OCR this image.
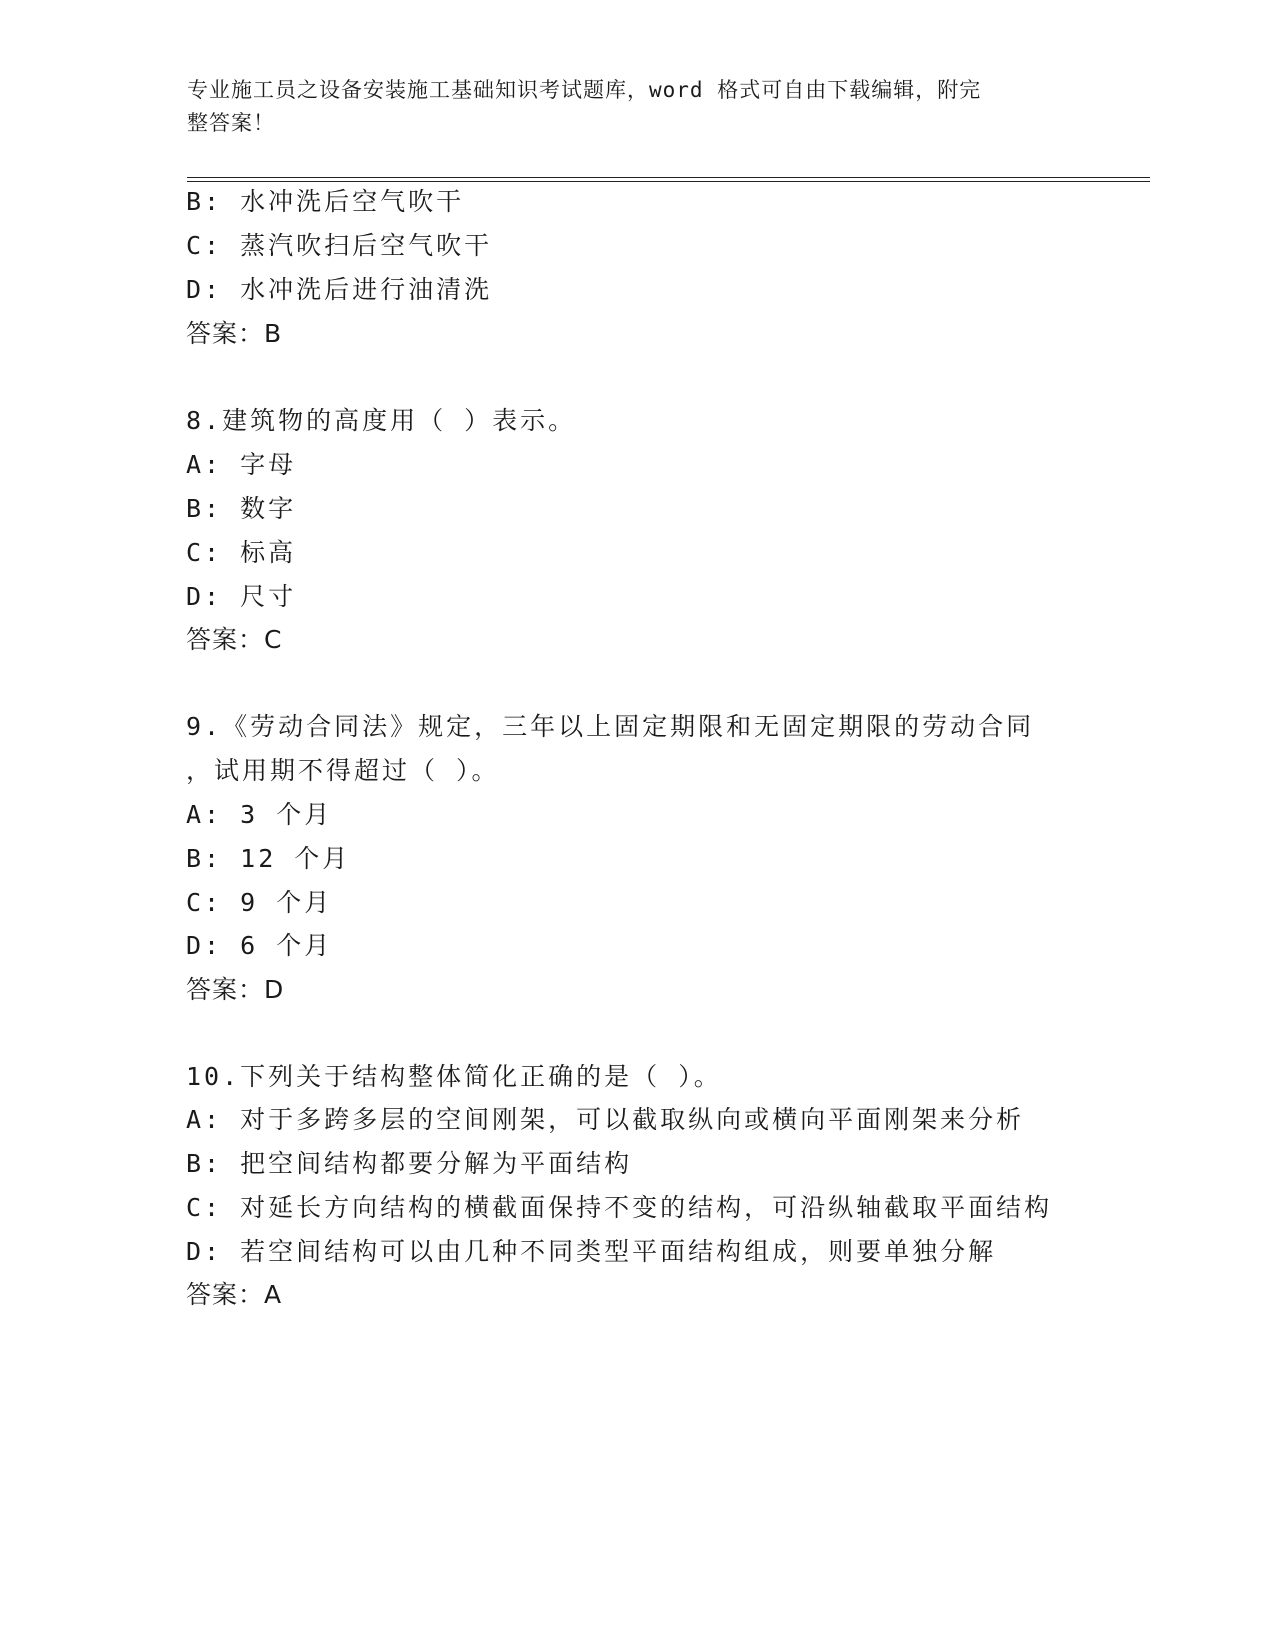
专业施工员之设备安装施工基础知识考试题库，word 格式可自由下载编辑，附完
整答案！
B: 水冲洗后空气吹干
C: 蒸汽吹扫后空气吹干
D: 水冲洗后进行油清洗
答案：B
8.建筑物的高度用（ ）表示。
A: 字母
B: 数字
C: 标高
D: 尺寸
答案：C
9.《劳动合同法》规定，三年以上固定期限和无固定期限的劳动合同
，试用期不得超过（ ）。
A: 3 个月
B: 12 个月
C: 9 个月
D: 6 个月
答案：D
10.下列关于结构整体简化正确的是（ ）。
A: 对于多跨多层的空间刚架，可以截取纵向或横向平面刚架来分析
B: 把空间结构都要分解为平面结构
C: 对延长方向结构的横截面保持不变的结构，可沿纵轴截取平面结构
D: 若空间结构可以由几种不同类型平面结构组成，则要单独分解
答案：A
